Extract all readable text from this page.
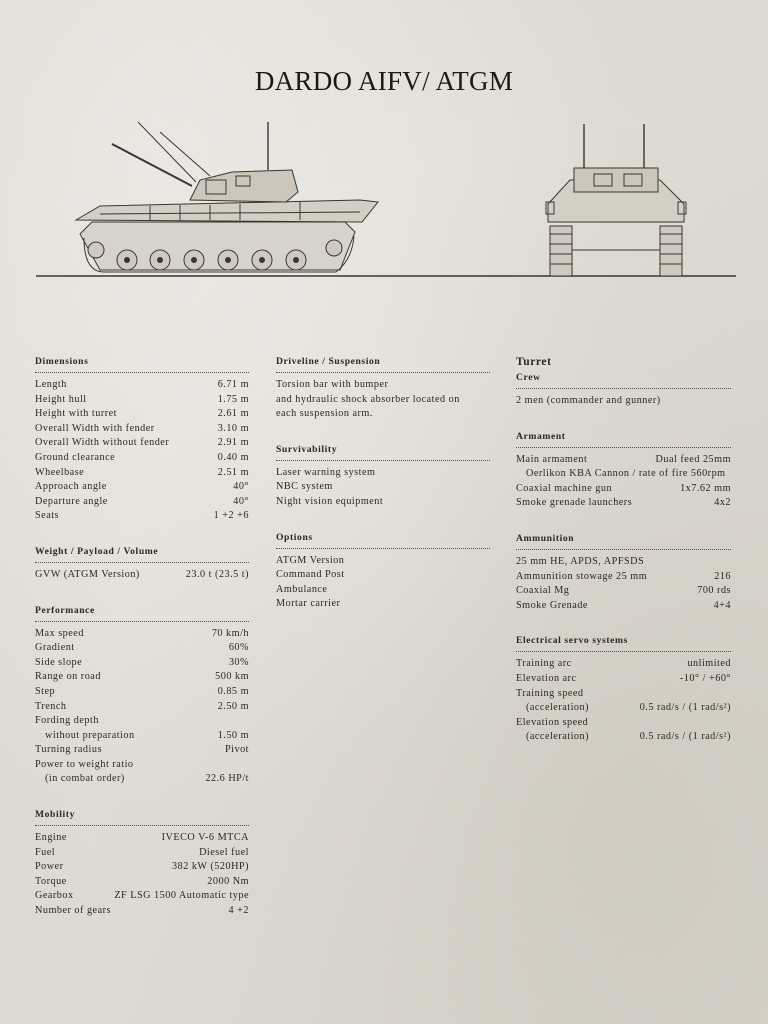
DARDO AIFV/ ATGM
Dimensions
Length	6.71 m
Height hull	1.75 m
Height with turret	2.61 m
Overall Width with fender	3.10 m
Overall Width without fender	2.91 m
Ground clearance	0.40 m
Wheelbase	2.51 m
Approach angle	40°
Departure angle	40°
Seats	1 +2 +6
Weight / Payload / Volume
GVW (ATGM Version)	23.0 t (23.5 t)
Performance
Max speed	70 km/h
Gradient	60%
Side slope	30%
Range on road	500 km
Step	0.85 m
Trench	2.50 m
Fording depth
without preparation	1.50 m
Turning radius	Pivot
Power to weight ratio
(in combat order)	22.6 HP/t
Mobility
Engine	IVECO V-6 MTCA
Fuel	Diesel fuel
Power	382 kW (520HP)
Torque	2000 Nm
Gearbox	ZF LSG 1500 Automatic type
Number of gears	4 +2
Driveline / Suspension
Torsion bar with bumper
and hydraulic shock absorber located on
each suspension arm.
Survivability
Laser warning system
NBC system
Night vision equipment
Options
ATGM Version
Command Post
Ambulance
Mortar carrier
Turret
Crew
2 men (commander and gunner)
Armament
Main armament	Dual feed 25mm
Oerlikon KBA Cannon / rate of fire 560rpm
Coaxial machine gun	1x7.62 mm
Smoke grenade launchers	4x2
Ammunition
25 mm HE, APDS, APFSDS
Ammunition stowage 25 mm	216
Coaxial Mg	700 rds
Smoke Grenade	4+4
Electrical servo systems
Training arc	unlimited
Elevation arc	-10° / +60°
Training speed
(acceleration)	0.5 rad/s / (1 rad/s²)
Elevation speed
(acceleration)	0.5 rad/s / (1 rad/s²)
